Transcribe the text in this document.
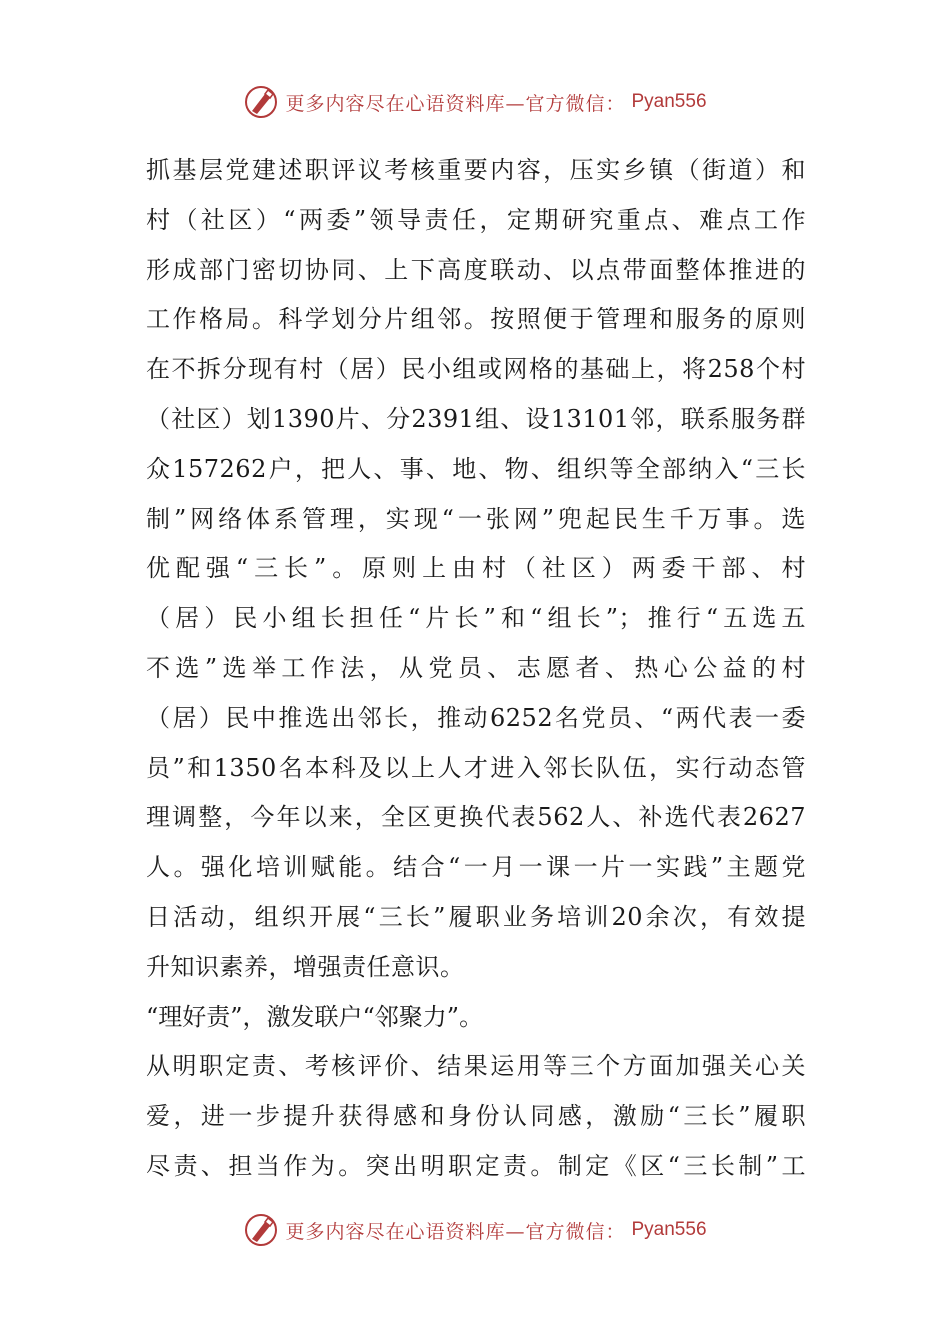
更多内容尽在心语资料库—官方微信： Pyan556
抓基层党建述职评议考核重要内容，压实乡镇（街道）和
村（社区）“两委”领导责任，定期研究重点、难点工作
形成部门密切协同、上下高度联动、以点带面整体推进的
工作格局。科学划分片组邻。按照便于管理和服务的原则
在不拆分现有村（居）民小组或网格的基础上，将258个村
（社区）划1390片、分2391组、设13101邻，联系服务群
众157262户，把人、事、地、物、组织等全部纳入“三长
制”网络体系管理，实现“一张网”兜起民生千万事。选
优配强“三长”。原则上由村（社区）两委干部、村
（居）民小组长担任“片长”和“组长”；推行“五选五
不选”选举工作法，从党员、志愿者、热心公益的村
（居）民中推选出邻长，推动6252名党员、“两代表一委
员”和1350名本科及以上人才进入邻长队伍，实行动态管
理调整，今年以来，全区更换代表562人、补选代表2627
人。强化培训赋能。结合“一月一课一片一实践”主题党
日活动，组织开展“三长”履职业务培训20余次，有效提
升知识素养，增强责任意识。
“理好责”，激发联户“邻聚力”。
从明职定责、考核评价、结果运用等三个方面加强关心关
爱，进一步提升获得感和身份认同感，激励“三长”履职
尽责、担当作为。突出明职定责。制定《区“三长制”工
更多内容尽在心语资料库—官方微信： Pyan556
